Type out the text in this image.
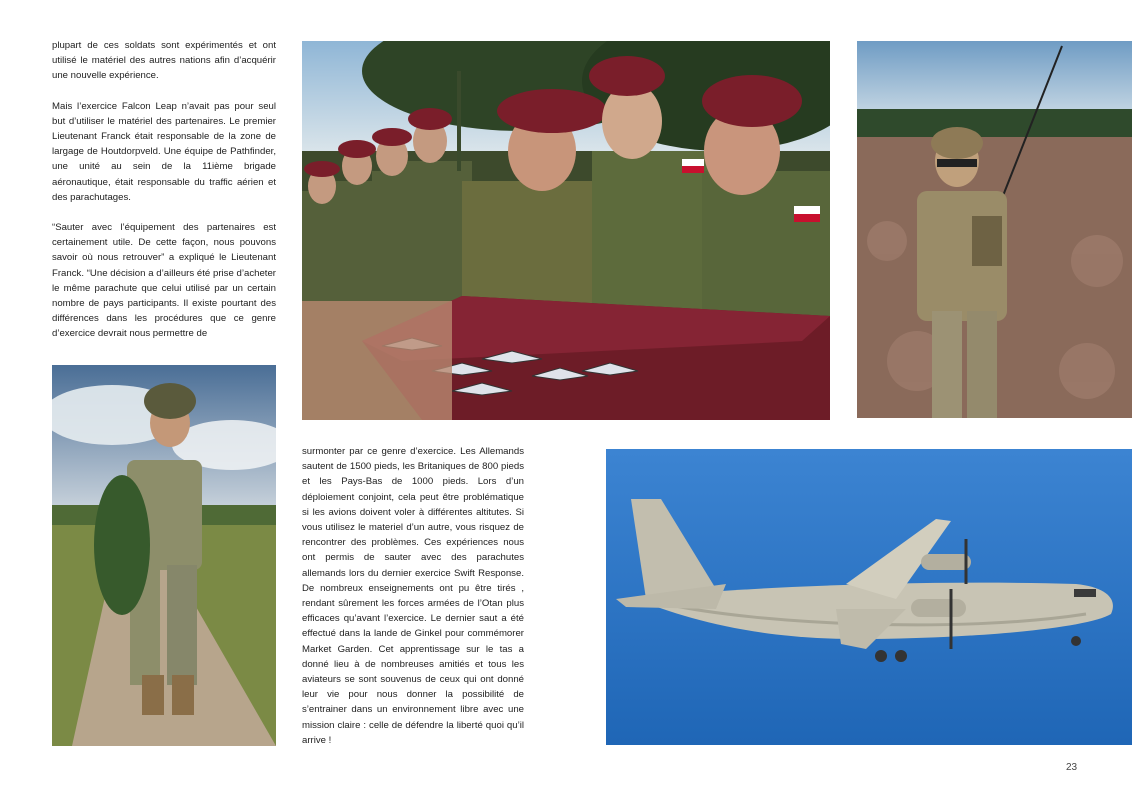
plupart de ces soldats sont expérimentés et ont utilisé le matériel des autres nations afin d’acquérir une nouvelle expérience.

Mais l’exercice Falcon Leap n’avait pas pour seul but d’utiliser le matériel des partenaires. Le premier Lieutenant Franck était responsable de la zone de largage de Houtdorpveld. Une équipe de Pathfinder, une unité au sein de la 11ième brigade aéronautique, était responsable du traffic aérien et des parachutages.

“Sauter avec l’équipement des partenaires est certainement utile. De cette façon, nous pouvons savoir où nous retrouver” a expliqué le Lieutenant Franck. “Une décision a d’ailleurs été prise d’acheter le même parachute que celui utilisé par un certain nombre de pays participants. Il existe pourtant des différences dans les procédures que ce genre d’exercice devrait nous permettre de

surmonter par ce genre d’exercice. Les Allemands sautent de 1500 pieds, les Britaniques de 800 pieds et les Pays-Bas de 1000 pieds. Lors d’un déploiement conjoint, cela peut être problématique si les avions doivent voler à différentes altitutes. Si vous utilisez le materiel d’un autre, vous risquez de rencontrer des problèmes. Ces expériences nous ont permis de sauter avec des parachutes allemands lors du dernier exercice Swift Response. De nombreux enseignements ont pu être tirés , rendant sûrement les forces armées de l’Otan plus efficaces qu’avant l’exercice. Le dernier saut a été effectué dans la lande de Ginkel pour commémorer Market Garden. Cet apprentissage sur le tas a donné lieu à de nombreuses amitiés et tous les aviateurs se sont souvenus de ceux qui ont donné leur vie pour nous donner la possibilité de s’entrainer dans un environnement libre avec une mission claire : celle de défendre la liberté quoi qu’il arrive !

23
